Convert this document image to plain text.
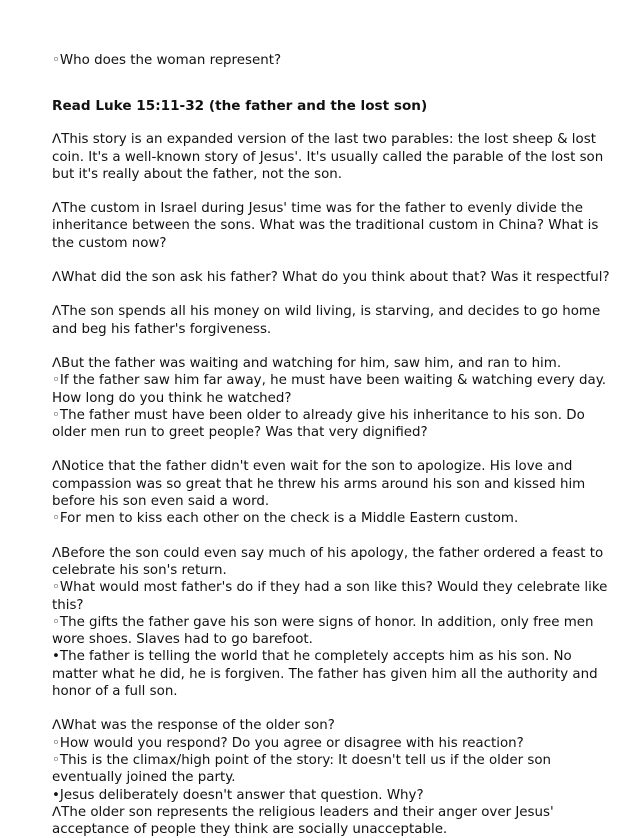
◦Who does the woman represent?
Read Luke 15:11-32 (the father and the lost son)
ᐱThis story is an expanded version of the last two parables: the lost sheep & lost
coin. It's a well-known story of Jesus'. It's usually called the parable of the lost son
but it's really about the father, not the son.
ᐱThe custom in Israel during Jesus' time was for the father to evenly divide the
inheritance between the sons. What was the traditional custom in China? What is
the custom now?
ᐱWhat did the son ask his father? What do you think about that? Was it respectful?
ᐱThe son spends all his money on wild living, is starving, and decides to go home
and beg his father's forgiveness.
ᐱBut the father was waiting and watching for him, saw him, and ran to him.
◦If the father saw him far away, he must have been waiting & watching every day.
How long do you think he watched?
◦The father must have been older to already give his inheritance to his son. Do
older men run to greet people? Was that very dignified?
ᐱNotice that the father didn't even wait for the son to apologize. His love and
compassion was so great that he threw his arms around his son and kissed him
before his son even said a word.
◦For men to kiss each other on the check is a Middle Eastern custom.
ᐱBefore the son could even say much of his apology, the father ordered a feast to
celebrate his son's return.
◦What would most father's do if they had a son like this? Would they celebrate like
this?
◦The gifts the father gave his son were signs of honor. In addition, only free men
wore shoes. Slaves had to go barefoot.
•The father is telling the world that he completely accepts him as his son. No
matter what he did, he is forgiven. The father has given him all the authority and
honor of a full son.
ᐱWhat was the response of the older son?
◦How would you respond? Do you agree or disagree with his reaction?
◦This is the climax/high point of the story: It doesn't tell us if the older son
eventually joined the party.
•Jesus deliberately doesn't answer that question. Why?
ᐱThe older son represents the religious leaders and their anger over Jesus'
acceptance of people they think are socially unacceptable.
